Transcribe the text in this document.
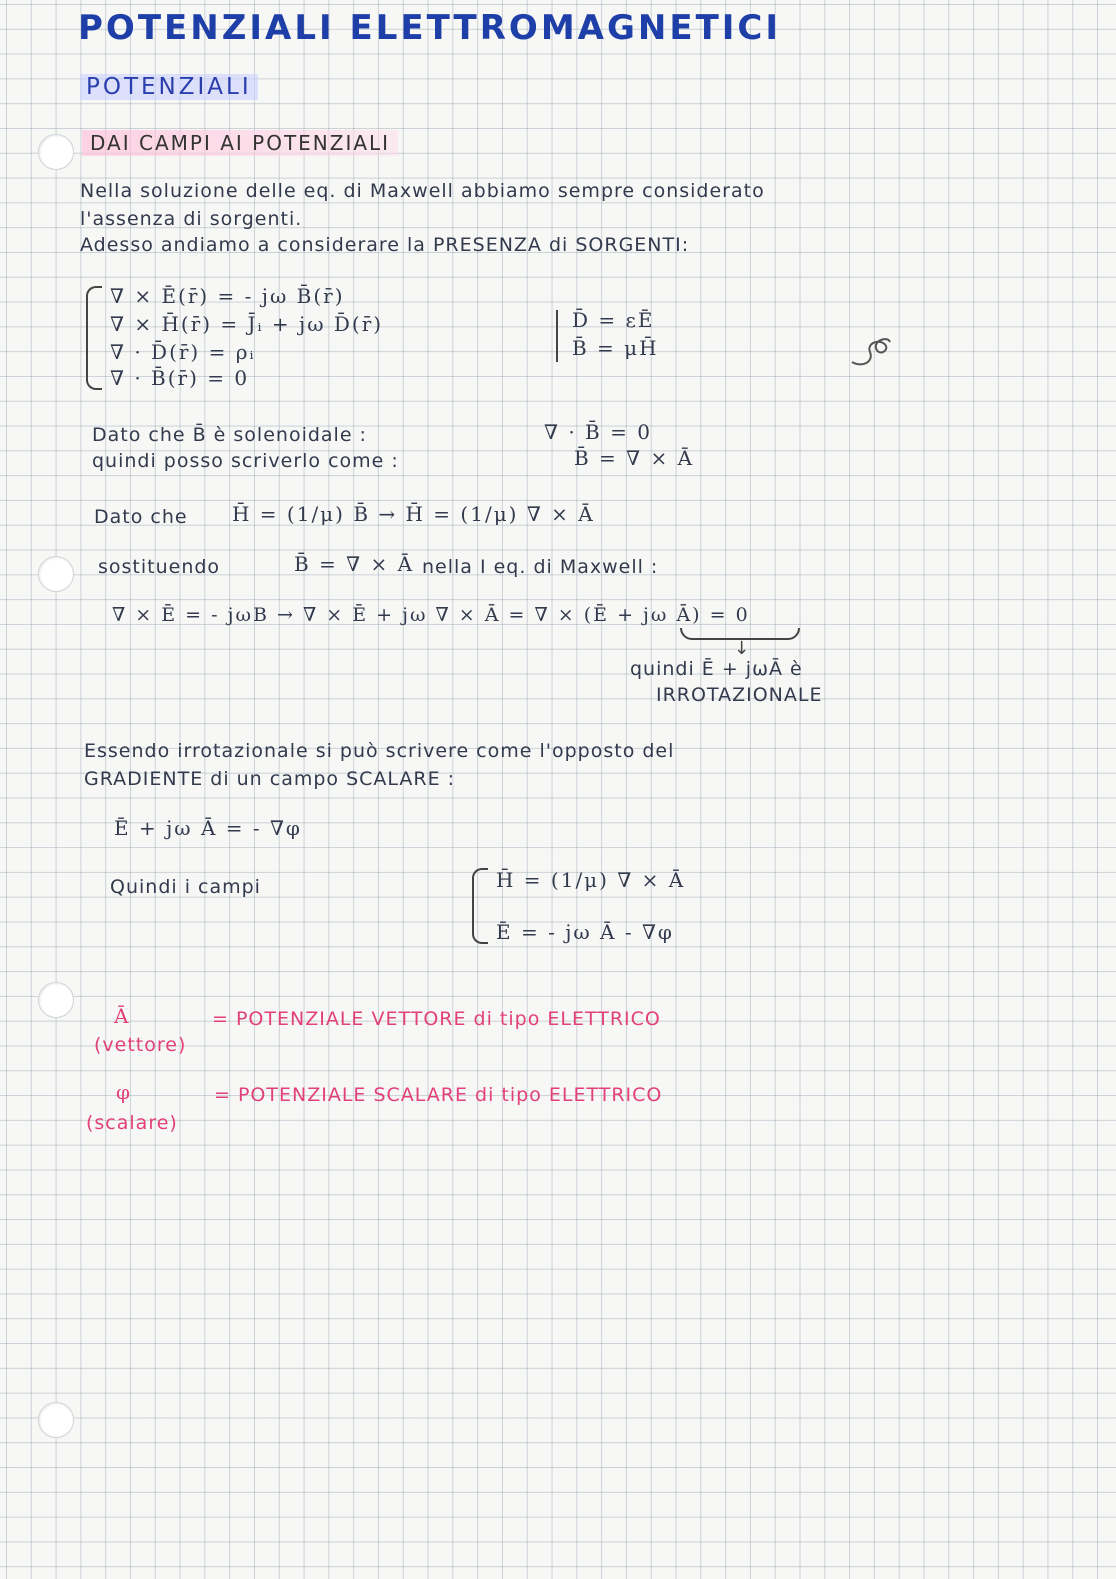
POTENZIALI ELETTROMAGNETICI
POTENZIALI
DAI CAMPI AI POTENZIALI
Nella soluzione delle eq. di Maxwell abbiamo sempre considerato
l'assenza di sorgenti.
Adesso andiamo a considerare la PRESENZA di SORGENTI:
∇ × Ē(r̄) = - jω B̄(r̄)
∇ × H̄(r̄) = J̄ᵢ + jω D̄(r̄)
∇ · D̄(r̄) = ρᵢ
∇ · B̄(r̄) = 0
D̄ = εĒ
B̄ = μH̄
Dato che B̄ è solenoidale :	∇ · B̄ = 0
quindi posso scriverlo come :	B̄ = ∇ × Ā
Dato che H̄ = (1/μ) B̄ → H̄ = (1/μ) ∇ × Ā
sostituendo	B̄ = ∇ × Ā nella I eq. di Maxwell :
∇ × Ē = - jωB → ∇ × Ē + jω ∇ × Ā = ∇ × (Ē + jω Ā) = 0
↓
quindi Ē + jωĀ è
IRROTAZIONALE
Essendo irrotazionale si può scrivere come l'opposto del
GRADIENTE di un campo SCALARE :
Ē + jω Ā = - ∇φ
Quindi i campi	H̄ = (1/μ) ∇ × Ā
Ē = - jω Ā - ∇φ
Ā
(vettore)
= POTENZIALE VETTORE di tipo ELETTRICO
φ
(scalare)
= POTENZIALE SCALARE di tipo ELETTRICO
